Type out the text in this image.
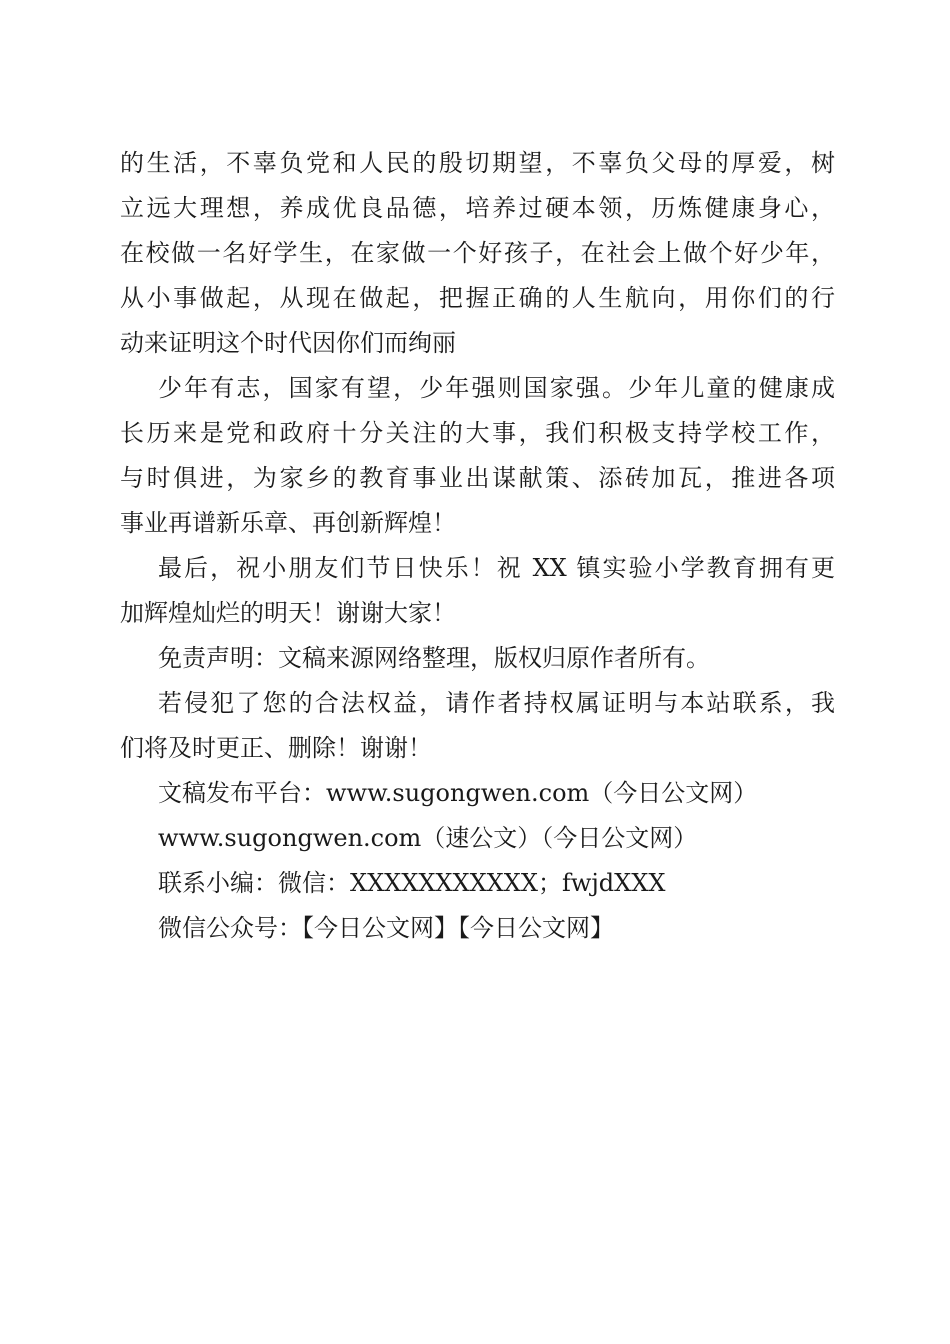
的生活，不辜负党和人民的殷切期望，不辜负父母的厚爱，树
立远大理想，养成优良品德，培养过硬本领，历炼健康身心，
在校做一名好学生，在家做一个好孩子，在社会上做个好少年，
从小事做起，从现在做起，把握正确的人生航向，用你们的行
动来证明这个时代因你们而绚丽
少年有志，国家有望，少年强则国家强。少年儿童的健康成
长历来是党和政府十分关注的大事，我们积极支持学校工作，
与时俱进，为家乡的教育事业出谋献策、添砖加瓦，推进各项
事业再谱新乐章、再创新辉煌！
最后，祝小朋友们节日快乐！祝 XX 镇实验小学教育拥有更
加辉煌灿烂的明天！谢谢大家！
免责声明：文稿来源网络整理，版权归原作者所有。
若侵犯了您的合法权益，请作者持权属证明与本站联系，我
们将及时更正、删除！谢谢！
文稿发布平台：www.sugongwen.com（今日公文网）
www.sugongwen.com（速公文）（今日公文网）
联系小编：微信：XXXXXXXXXXX；fwjdXXX
微信公众号：【今日公文网】【今日公文网】
